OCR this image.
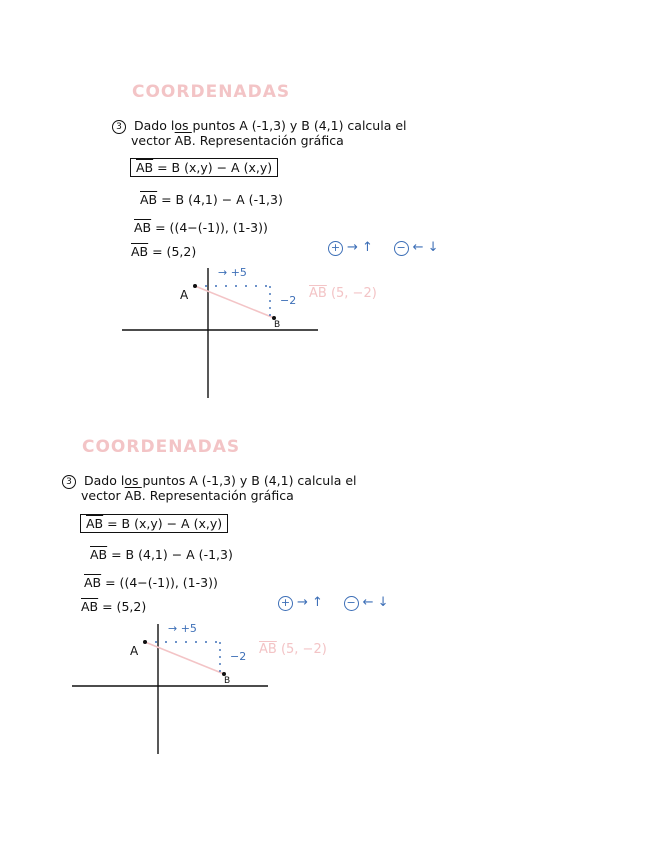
COORDENADAS
3 Dado los puntos A (-1,3) y B (4,1) calcula el
vector $\overline{AB}$. Representación gráfica
$\overline{AB} = B$ (x,y) − A (x,y)
$\overline{AB} = B$ (4,1) − A (-1,3)
$\overline{AB} = ((4-(-1))$, (1-3))
$\overline{AB} = (5,2)$	+ → ↑ − ← ↓
A
B
→ +5
−2 $\overline{AB}$ (5, −2)
COORDENADAS
3 Dado los puntos A (-1,3) y B (4,1) calcula el
vector $\overline{AB}$. Representación gráfica
$\overline{AB} = B$ (x,y) − A (x,y)
$\overline{AB} = B$ (4,1) − A (-1,3)
$\overline{AB} = ((4-(-1))$, (1-3))
$\overline{AB} = (5,2)$	+ → ↑ − ← ↓
A
B
→ +5
−2 $\overline{AB}$ (5, −2)
